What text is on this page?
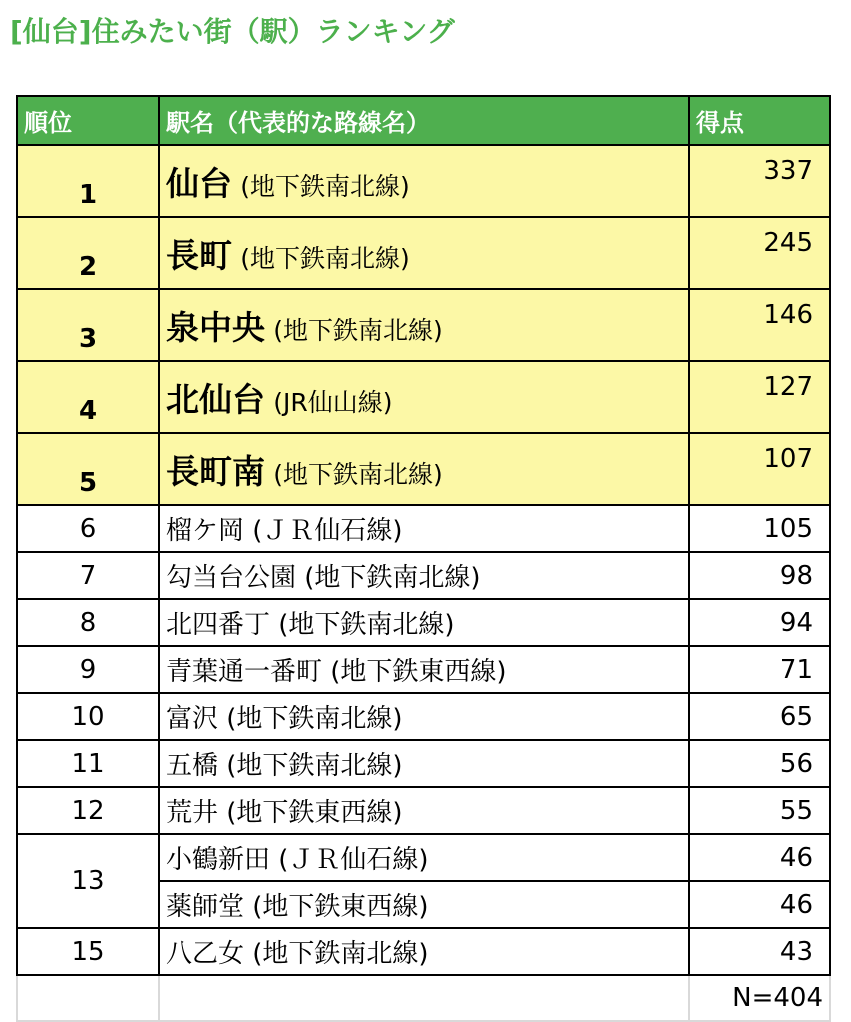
[仙台]住みたい街（駅）ランキング
順位	駅名（代表的な路線名）	得点
1	仙台 (地下鉄南北線)	337
2	長町 (地下鉄南北線)	245
3	泉中央 (地下鉄南北線)	146
4	北仙台 (JR仙山線)	127
5	長町南 (地下鉄南北線)	107
6	榴ケ岡 (ＪＲ仙石線)	105
7	勾当台公園 (地下鉄南北線)	98
8	北四番丁 (地下鉄南北線)	94
9	青葉通一番町 (地下鉄東西線)	71
10	富沢 (地下鉄南北線)	65
11	五橋 (地下鉄南北線)	56
12	荒井 (地下鉄東西線)	55
13	小鶴新田 (ＪＲ仙石線)	46
	薬師堂 (地下鉄東西線)	46
15	八乙女 (地下鉄南北線)	43
		N=404
